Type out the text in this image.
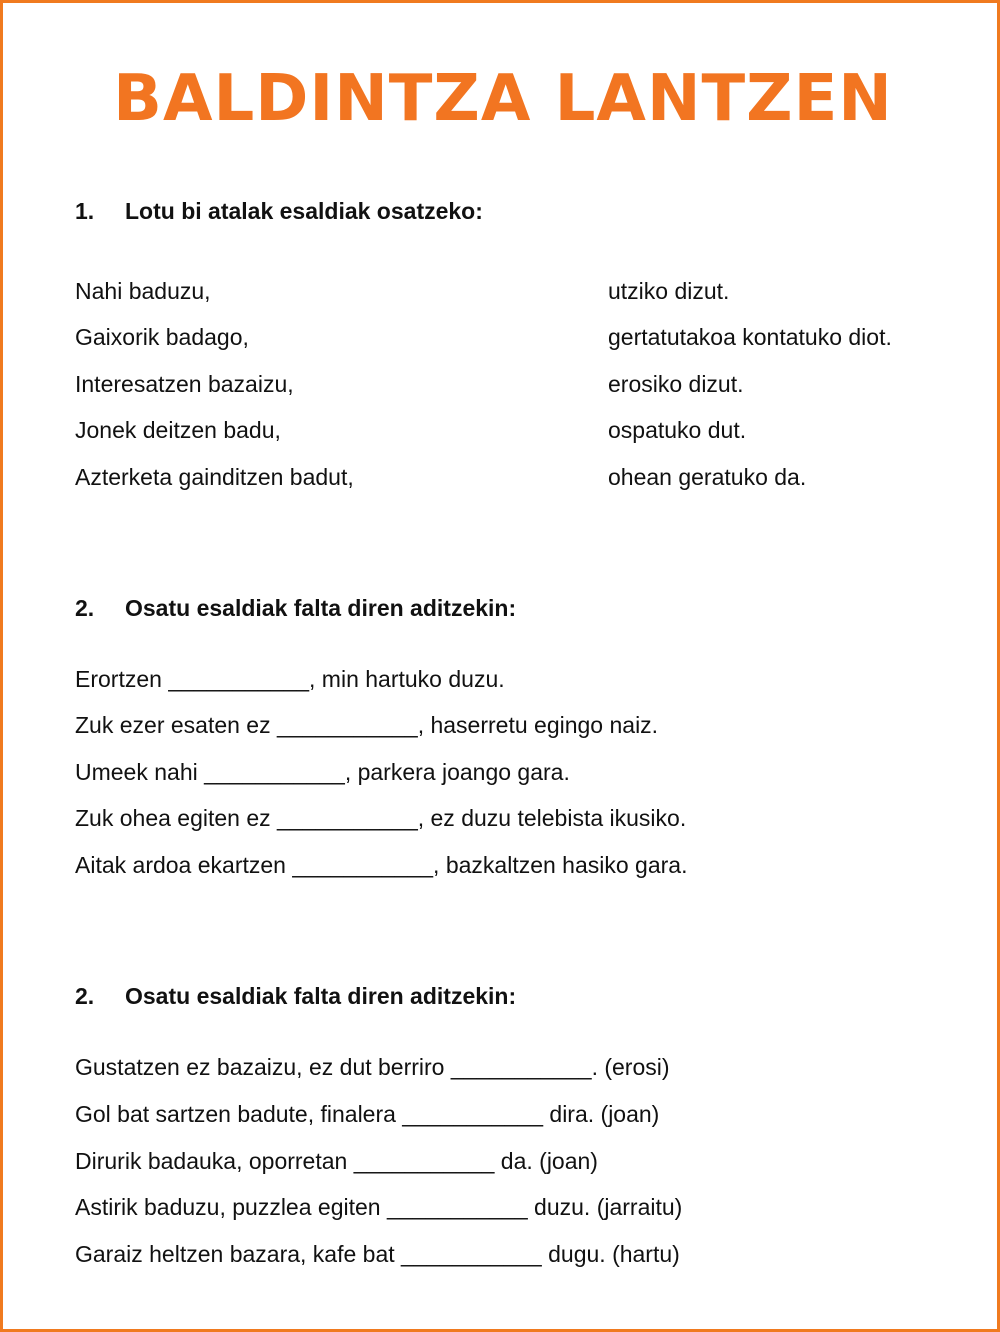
BALDINTZA LANTZEN
1. Lotu bi atalak esaldiak osatzeko:
Nahi baduzu,
Gaixorik badago,
Interesatzen bazaizu,
Jonek deitzen badu,
Azterketa gainditzen badut,
utziko dizut.
gertatutakoa kontatuko diot.
erosiko dizut.
ospatuko dut.
ohean geratuko da.
2. Osatu esaldiak falta diren aditzekin:
Erortzen ___________, min hartuko duzu.
Zuk ezer esaten ez ___________, haserretu egingo naiz.
Umeek nahi ___________, parkera joango gara.
Zuk ohea egiten ez ___________, ez duzu telebista ikusiko.
Aitak ardoa ekartzen ___________, bazkaltzen hasiko gara.
2. Osatu esaldiak falta diren aditzekin:
Gustatzen ez bazaizu, ez dut berriro ___________. (erosi)
Gol bat sartzen badute, finalera ___________ dira. (joan)
Dirurik badauka, oporretan ___________ da. (joan)
Astirik baduzu, puzzlea egiten ___________ duzu. (jarraitu)
Garaiz heltzen bazara, kafe bat ___________ dugu. (hartu)
